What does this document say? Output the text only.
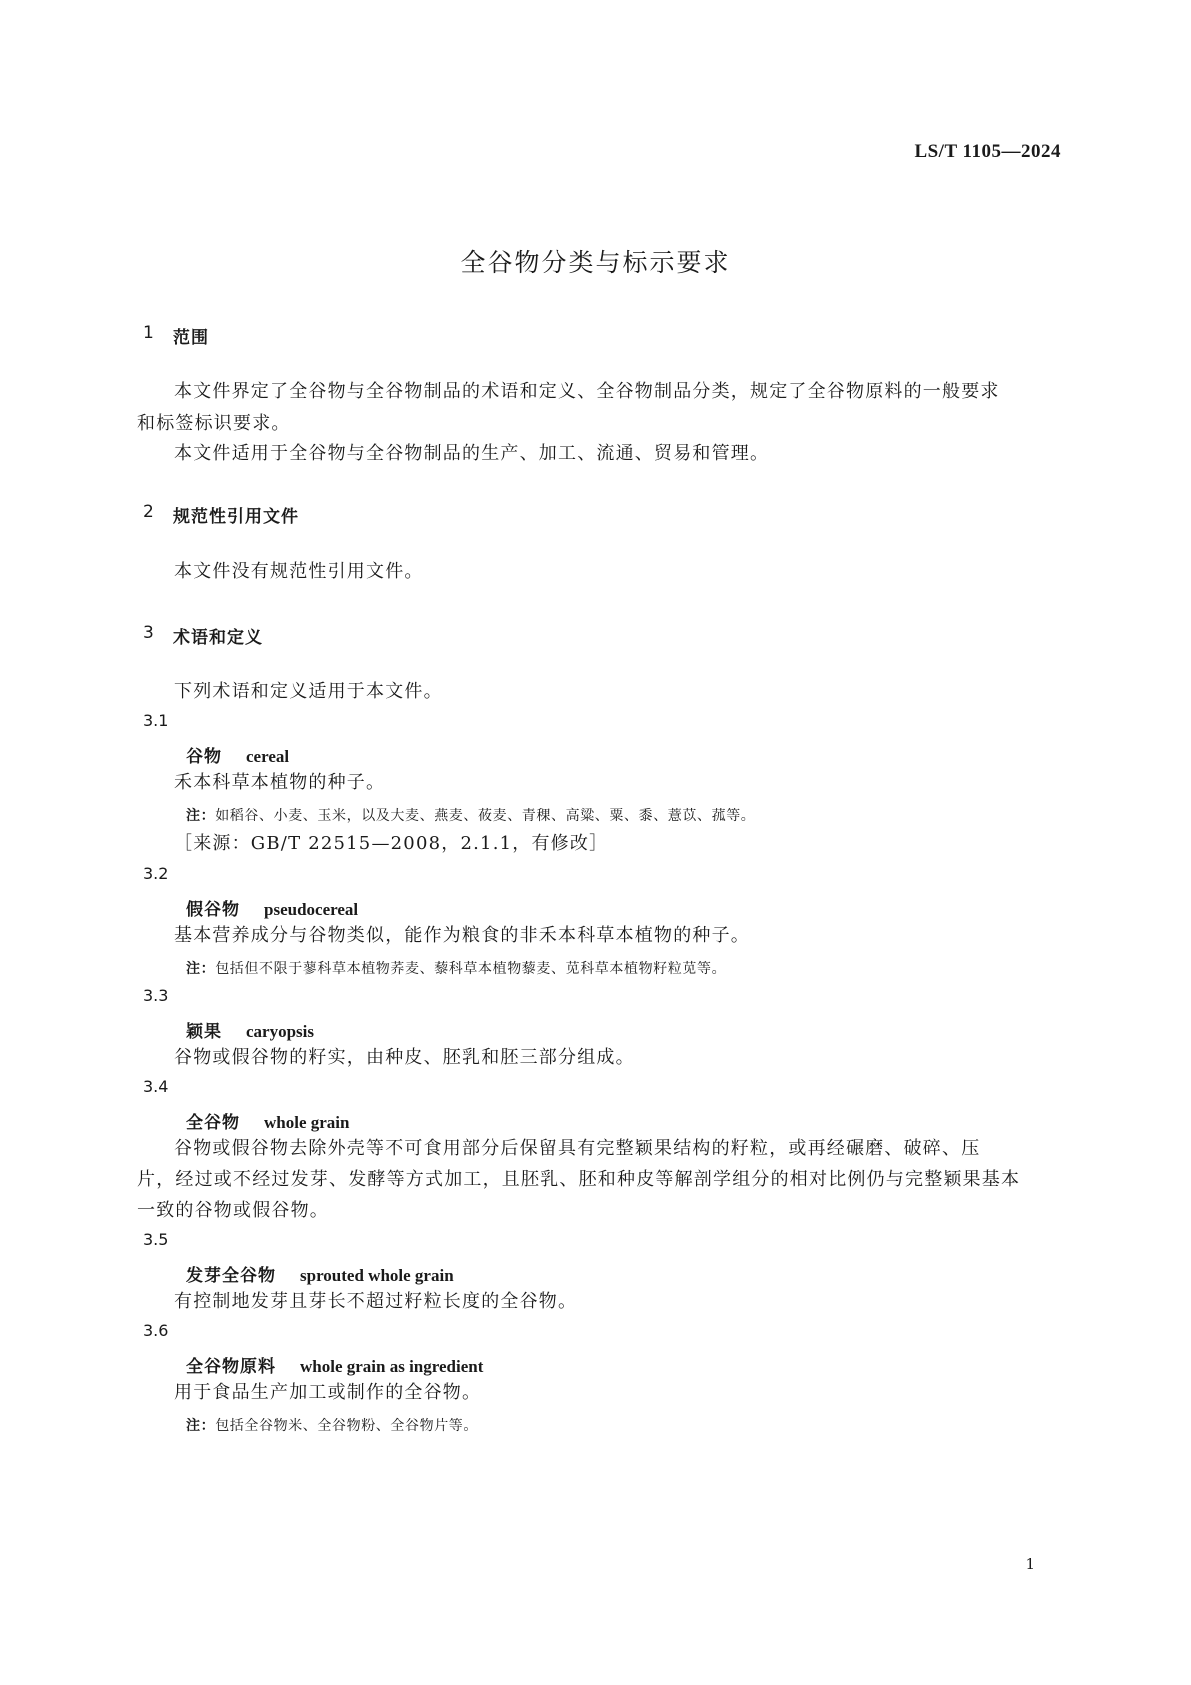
LS/T 1105—2024
全谷物分类与标示要求
1 范围
本文件界定了全谷物与全谷物制品的术语和定义、全谷物制品分类，规定了全谷物原料的一般要求
和标签标识要求。
本文件适用于全谷物与全谷物制品的生产、加工、流通、贸易和管理。
2 规范性引用文件
本文件没有规范性引用文件。
3 术语和定义
下列术语和定义适用于本文件。
3.1
谷物 cereal
禾本科草本植物的种子。
注：如稻谷、小麦、玉米，以及大麦、燕麦、莜麦、青稞、高粱、粟、黍、薏苡、菰等。
［来源：GB/T 22515—2008，2.1.1，有修改］
3.2
假谷物 pseudocereal
基本营养成分与谷物类似，能作为粮食的非禾本科草本植物的种子。
注：包括但不限于蓼科草本植物荞麦、藜科草本植物藜麦、苋科草本植物籽粒苋等。
3.3
颖果 caryopsis
谷物或假谷物的籽实，由种皮、胚乳和胚三部分组成。
3.4
全谷物 whole grain
谷物或假谷物去除外壳等不可食用部分后保留具有完整颖果结构的籽粒，或再经碾磨、破碎、压
片，经过或不经过发芽、发酵等方式加工，且胚乳、胚和种皮等解剖学组分的相对比例仍与完整颖果基本
一致的谷物或假谷物。
3.5
发芽全谷物 sprouted whole grain
有控制地发芽且芽长不超过籽粒长度的全谷物。
3.6
全谷物原料 whole grain as ingredient
用于食品生产加工或制作的全谷物。
注：包括全谷物米、全谷物粉、全谷物片等。
1
